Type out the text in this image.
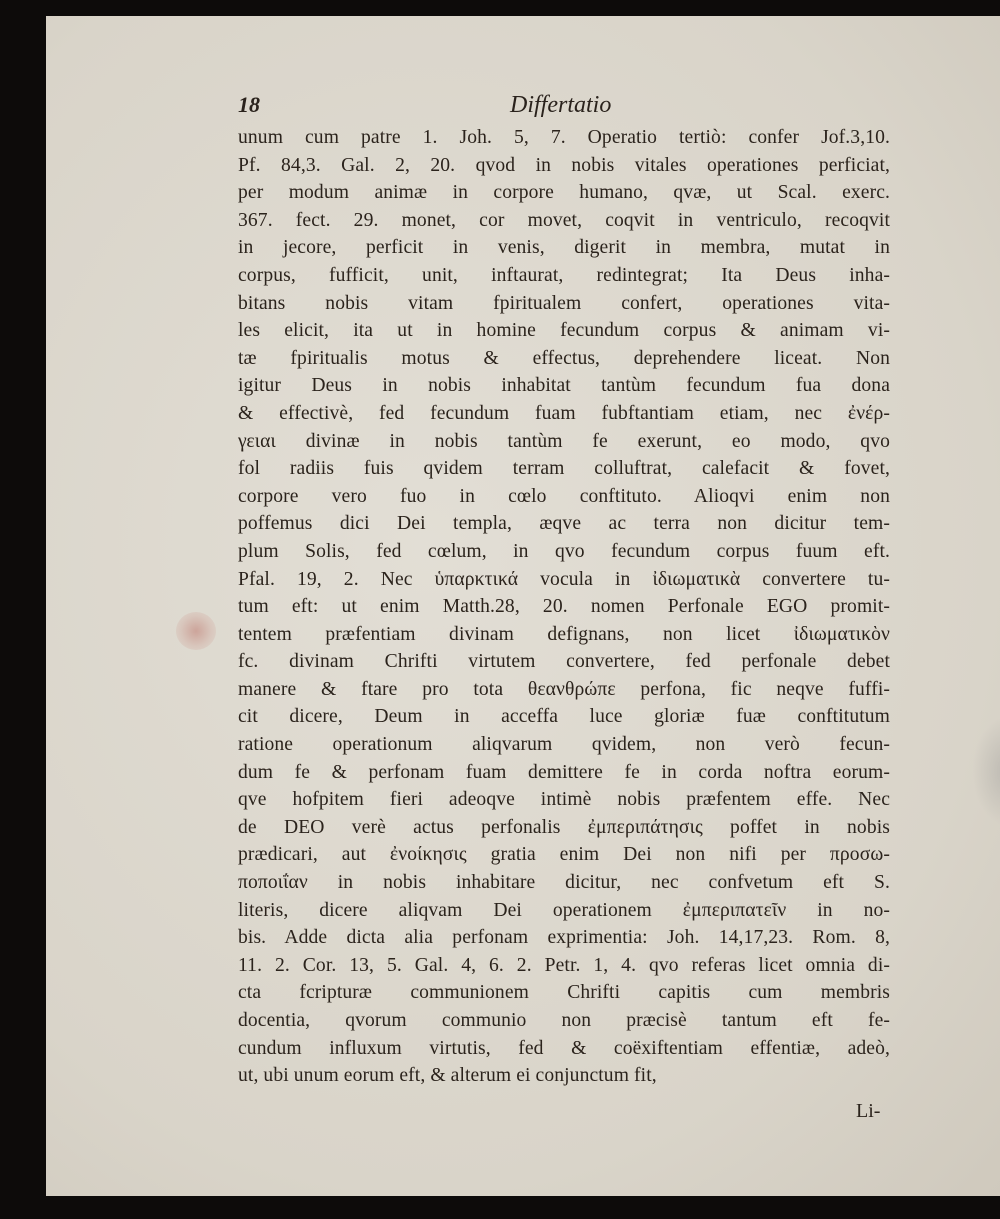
18	Differtatio
unum cum patre 1. Joh. 5, 7. Operatio tertiò: confer Jof.3,10.
Pf. 84,3. Gal. 2, 20. qvod in nobis vitales operationes perficiat,
per modum animæ in corpore humano, qvæ, ut Scal. exerc.
367. fect. 29. monet, cor movet, coqvit in ventriculo, recoqvit
in jecore, perficit in venis, digerit in membra, mutat in
corpus, fufficit, unit, inftaurat, redintegrat; Ita Deus inha-
bitans nobis vitam fpiritualem confert, operationes vita-
les elicit, ita ut in homine fecundum corpus & animam vi-
tæ fpiritualis motus & effectus, deprehendere liceat. Non
igitur Deus in nobis inhabitat tantùm fecundum fua dona
& effectivè, fed fecundum fuam fubftantiam etiam, nec ἐνέρ-
γειαι divinæ in nobis tantùm fe exerunt, eo modo, qvo
fol radiis fuis qvidem terram colluftrat, calefacit & fovet,
corpore vero fuo in cœlo conftituto. Alioqvi enim non
poffemus dici Dei templa, æqve ac terra non dicitur tem-
plum Solis, fed cœlum, in qvo fecundum corpus fuum eft.
Pfal. 19, 2. Nec ὑπαρκτικά vocula in ἰδιωματικὰ convertere tu-
tum eft: ut enim Matth.28, 20. nomen Perfonale EGO promit-
tentem præfentiam divinam defignans, non licet ἰδιωματικὸν
fc. divinam Chrifti virtutem convertere, fed perfonale debet
manere & ftare pro tota θεανθρώπε perfona, fic neqve fuffi-
cit dicere, Deum in acceffa luce gloriæ fuæ conftitutum
ratione operationum aliqvarum qvidem, non verò fecun-
dum fe & perfonam fuam demittere fe in corda noftra eorum-
qve hofpitem fieri adeoqve intimè nobis præfentem effe. Nec
de DEO verè actus perfonalis ἐμπεριπάτησις poffet in nobis
prædicari, aut ἐνοίκησις gratia enim Dei non nifi per προσω-
ποποιΐαν in nobis inhabitare dicitur, nec confvetum eft S.
literis, dicere aliqvam Dei operationem ἐμπεριπατεῖν in no-
bis. Adde dicta alia perfonam exprimentia: Joh. 14,17,23. Rom. 8,
11. 2. Cor. 13, 5. Gal. 4, 6. 2. Petr. 1, 4. qvo referas licet omnia di-
cta fcripturæ communionem Chrifti capitis cum membris
docentia, qvorum communio non præcisè tantum eft fe-
cundum influxum virtutis, fed & coëxiftentiam effentiæ, adeò,
ut, ubi unum eorum eft, & alterum ei conjunctum fit,
Li-
